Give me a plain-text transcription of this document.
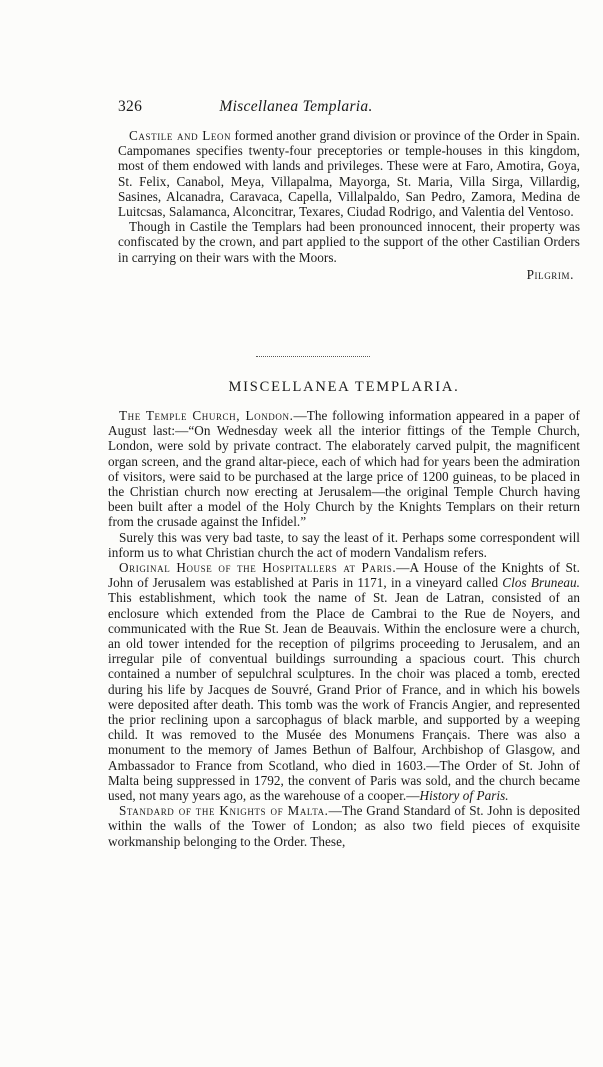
326	Miscellanea Templaria.

Castile and Leon formed another grand division or province of the Order in Spain. Campomanes specifies twenty-four preceptories or temple-houses in this kingdom, most of them endowed with lands and privileges. These were at Faro, Amotira, Goya, St. Felix, Canabol, Meya, Villapalma, Mayorga, St. Maria, Villa Sirga, Villardig, Sasines, Alcanadra, Caravaca, Capella, Villalpaldo, San Pedro, Zamora, Medina de Luitcsas, Salamanca, Alconcitrar, Texares, Ciudad Rodrigo, and Valentia del Ventoso.

Though in Castile the Templars had been pronounced innocent, their property was confiscated by the crown, and part applied to the support of the other Castilian Orders in carrying on their wars with the Moors.

Pilgrim.
MISCELLANEA TEMPLARIA.

The Temple Church, London.—The following information appeared in a paper of August last:—“On Wednesday week all the interior fittings of the Temple Church, London, were sold by private contract. The elaborately carved pulpit, the magnificent organ screen, and the grand altar-piece, each of which had for years been the admiration of visitors, were said to be purchased at the large price of 1200 guineas, to be placed in the Christian church now erecting at Jerusalem—the original Temple Church having been built after a model of the Holy Church by the Knights Templars on their return from the crusade against the Infidel.”

Surely this was very bad taste, to say the least of it. Perhaps some correspondent will inform us to what Christian church the act of modern Vandalism refers.

Original House of the Hospitallers at Paris.—A House of the Knights of St. John of Jerusalem was established at Paris in 1171, in a vineyard called Clos Bruneau. This establishment, which took the name of St. Jean de Latran, consisted of an enclosure which extended from the Place de Cambrai to the Rue de Noyers, and communicated with the Rue St. Jean de Beauvais. Within the enclosure were a church, an old tower intended for the reception of pilgrims proceeding to Jerusalem, and an irregular pile of conventual buildings surrounding a spacious court. This church contained a number of sepulchral sculptures. In the choir was placed a tomb, erected during his life by Jacques de Souvré, Grand Prior of France, and in which his bowels were deposited after death. This tomb was the work of Francis Angier, and represented the prior reclining upon a sarcophagus of black marble, and supported by a weeping child. It was removed to the Musée des Monumens Français. There was also a monument to the memory of James Bethun of Balfour, Archbishop of Glasgow, and Ambassador to France from Scotland, who died in 1603.—The Order of St. John of Malta being suppressed in 1792, the convent of Paris was sold, and the church became used, not many years ago, as the warehouse of a cooper.—History of Paris.

Standard of the Knights of Malta.—The Grand Standard of St. John is deposited within the walls of the Tower of London; as also two field pieces of exquisite workmanship belonging to the Order. These,
